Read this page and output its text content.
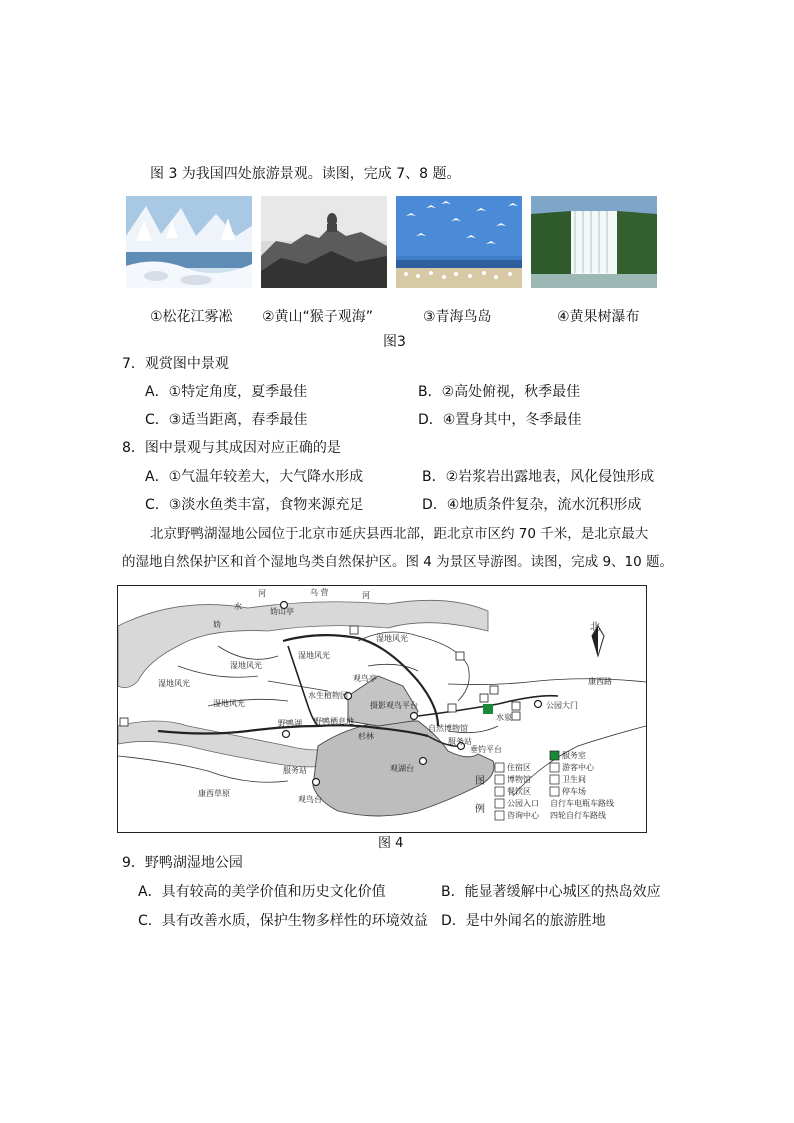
图 3 为我国四处旅游景观。读图，完成 7、8 题。
①松花江雾凇 ②黄山“猴子观海”	③青海鸟岛	④黄果树瀑布
图3
7．观赏图中景观
A．①特定角度，夏季最佳	B．②高处俯视，秋季最佳
C．③适当距离，春季最佳	D．④置身其中，冬季最佳
8．图中景观与其成因对应正确的是
A．①气温年较差大，大气降水形成	B．②岩浆岩出露地表，风化侵蚀形成
C．③淡水鱼类丰富，食物来源充足	D．④地质条件复杂，流水沉积形成
北京野鸭湖湿地公园位于北京市延庆县西北部，距北京市区约 70 千米，是北京最大
的湿地自然保护区和首个湿地鸟类自然保护区。图 4 为景区导游图。读图，完成 9、10 题。
妫
水
河	河
乌 营
北
湿地风光
湿地风光
湿地风光
湿地风光
湿地风光
妫山亭
水生植物园
观鸟亭
摄影观鸟平台
野鸭湖 野鸭栖息地
自然博物馆
公园大门
康西路
康西草原
服务站
观鸟台
观湖台
垂钓平台
服务站
杉林
水泉
图
例
服务室
游客中心
住宿区
卫生间
博物馆
停车场
餐饮区
公园入口 自行车电瓶车路线
咨询中心 四轮自行车路线
图 4
9．野鸭湖湿地公园
A．具有较高的美学价值和历史文化价值	B．能显著缓解中心城区的热岛效应
C．具有改善水质，保护生物多样性的环境效益 D．是中外闻名的旅游胜地
